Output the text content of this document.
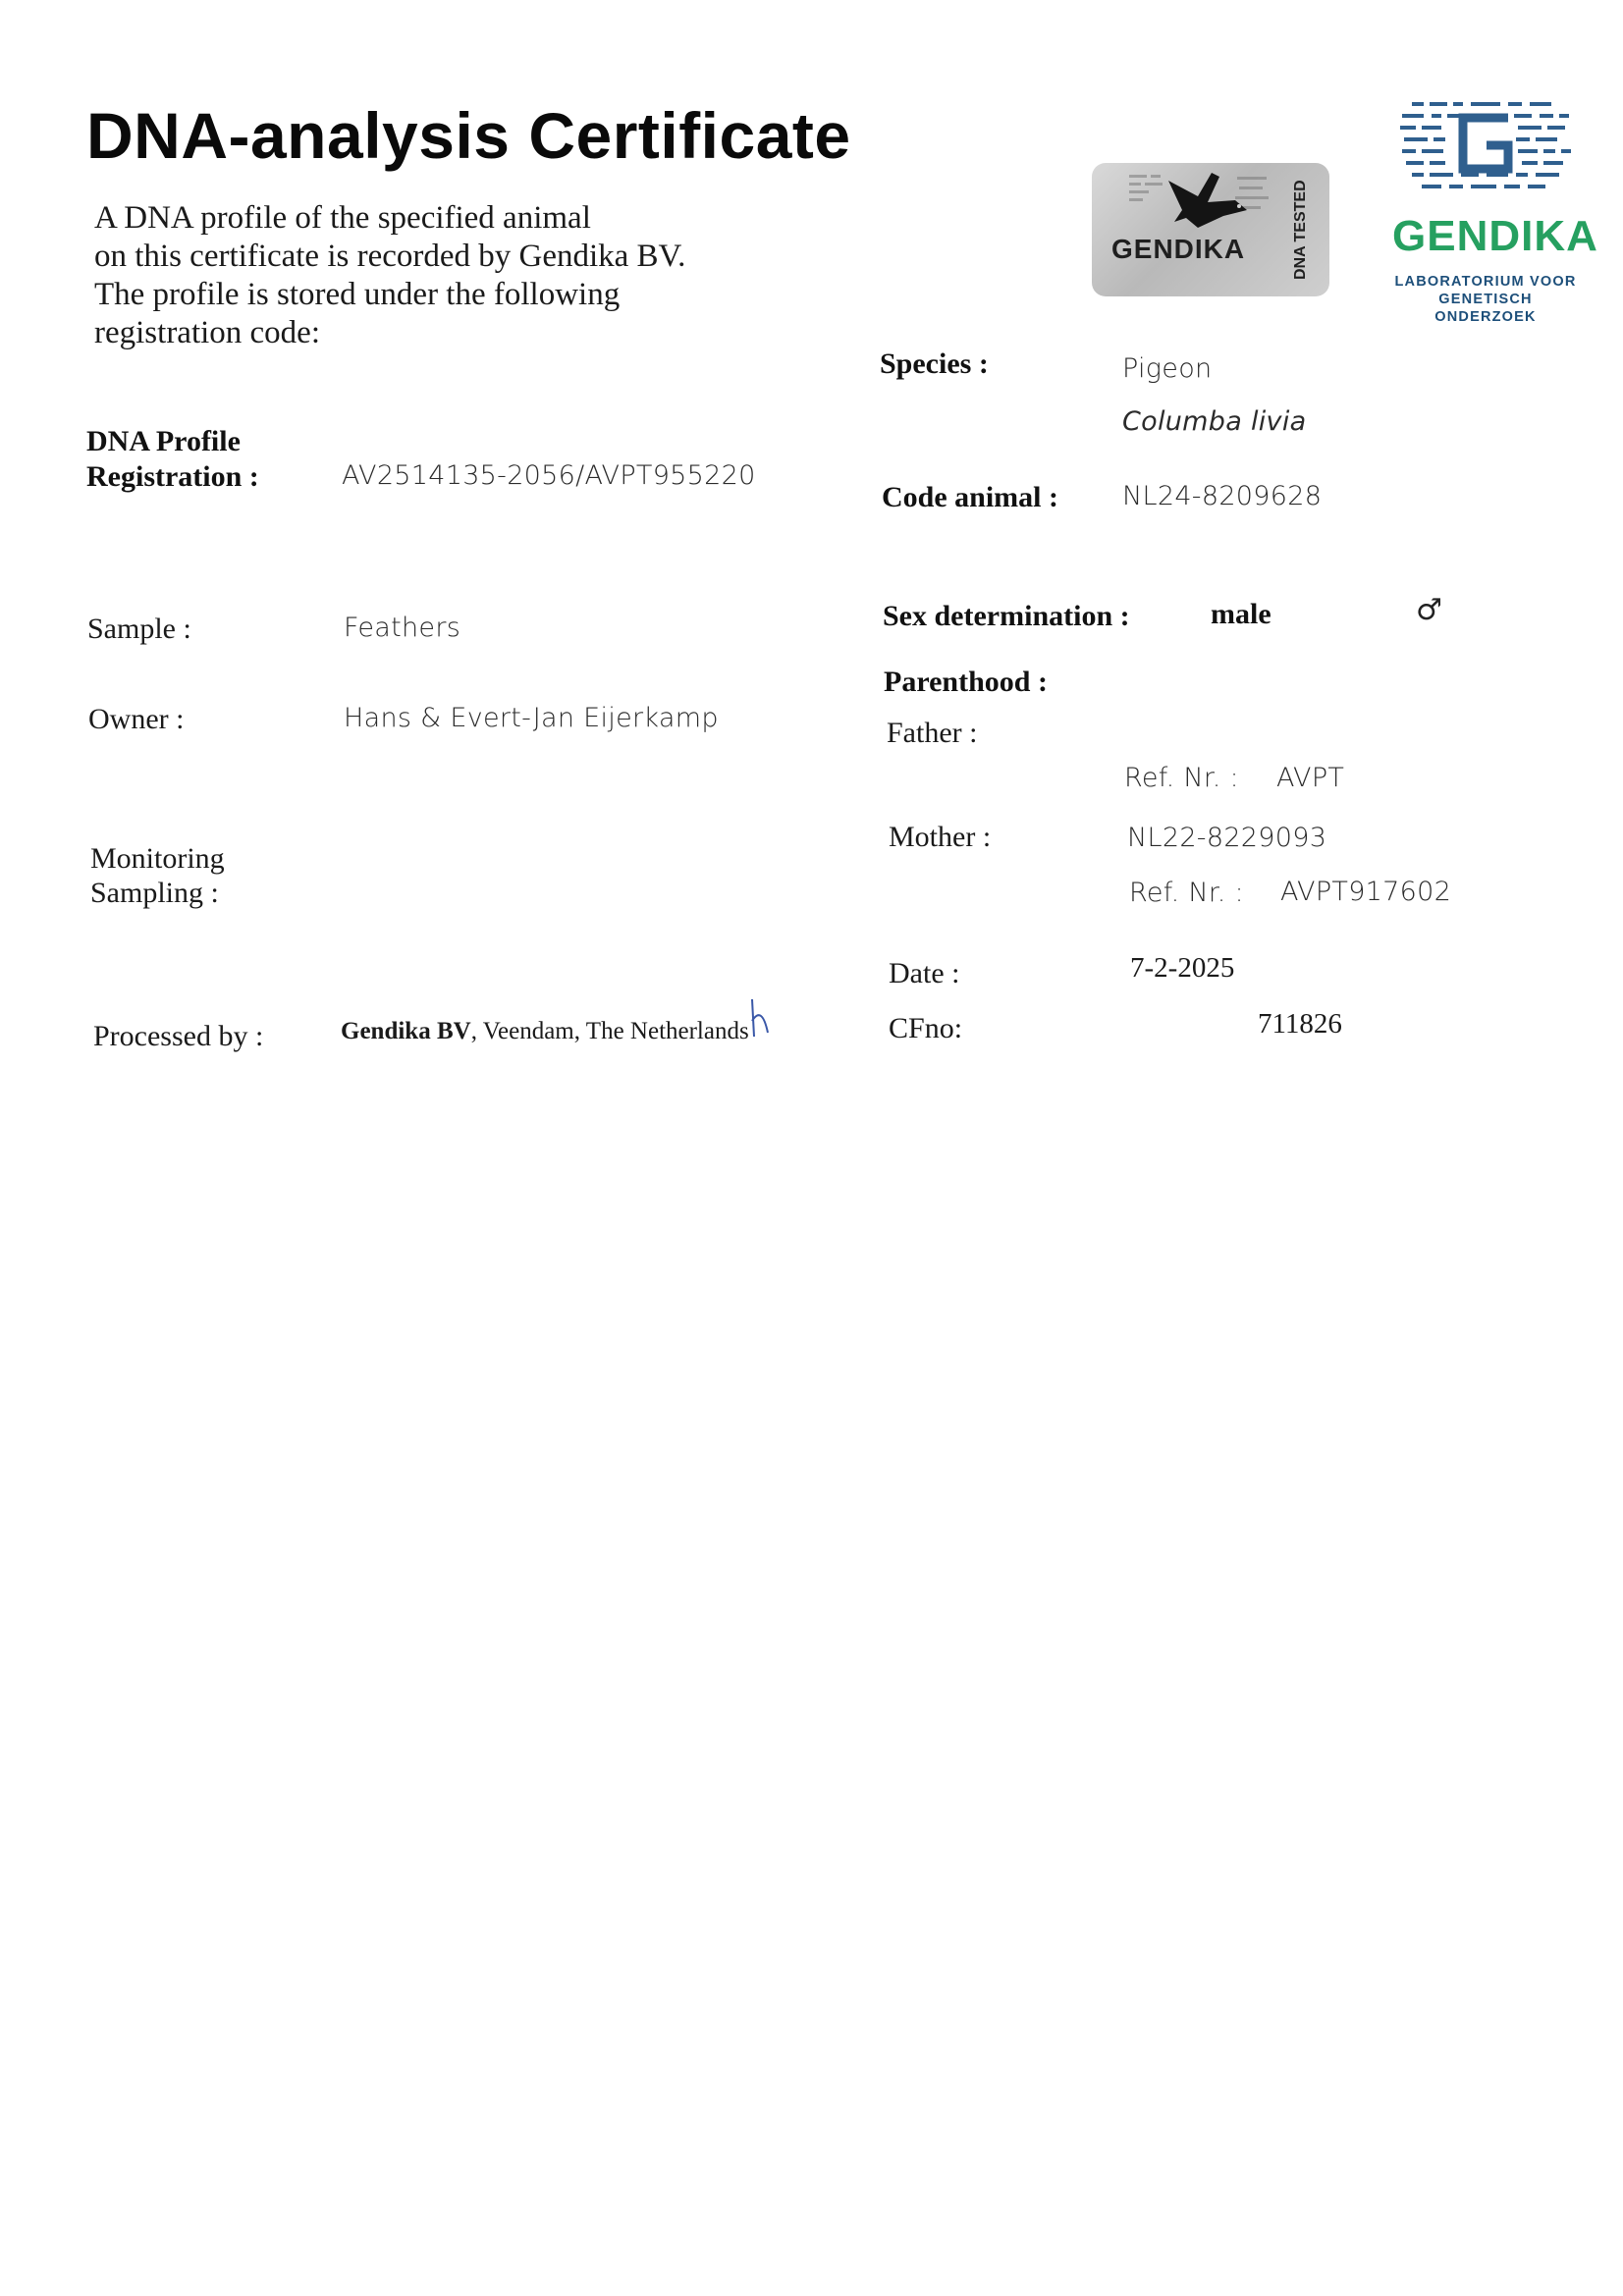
DNA-analysis Certificate
A DNA profile of the specified animal
on this certificate is recorded by Gendika BV.
The profile is stored under the following
registration code:
GENDIKA	DNA TESTED GENDIKA
LABORATORIUM VOOR GENETISCH ONDERZOEK
DNA Profile
Registration :	AV2514135-2056/AVPT955220
Sample :	Feathers
Owner :	Hans & Evert-Jan Eijerkamp
Monitoring
Sampling :
Processed by :	Gendika BV, Veendam, The Netherlands
Species :	Pigeon
Columba livia
Code animal : NL24-8209628
Sex determination :	male	♂
Parenthood :
Father :
Ref. Nr. : AVPT
Mother :	NL22-8229093
Ref. Nr. : AVPT917602
Date :	7-2-2025
CFno:	711826
